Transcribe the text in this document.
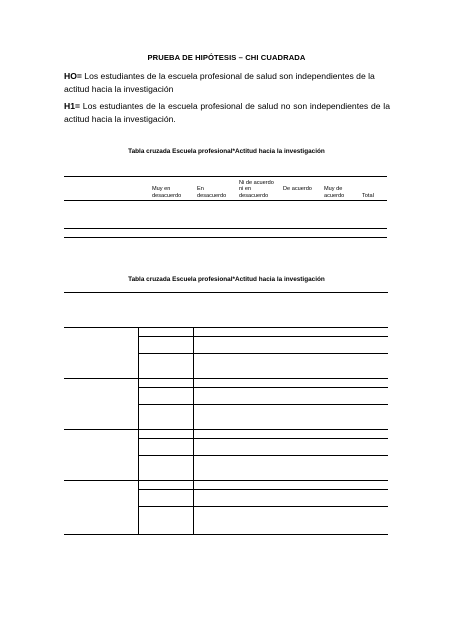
PRUEBA DE HIPÓTESIS – CHI CUADRADA
HO= Los estudiantes de la escuela profesional de salud son independientes de la actitud hacia la investigación
H1= Los estudiantes de la escuela profesional de salud no son independientes de la actitud hacia la investigación.
Tabla cruzada Escuela profesional*Actitud hacia la investigación
Muy en desacuerdo
En desacuerdo
Ni de acuerdo ni en desacuerdo
De acuerdo	Muy de acuerdo	Total
Tabla cruzada Escuela profesional*Actitud hacia la investigación
